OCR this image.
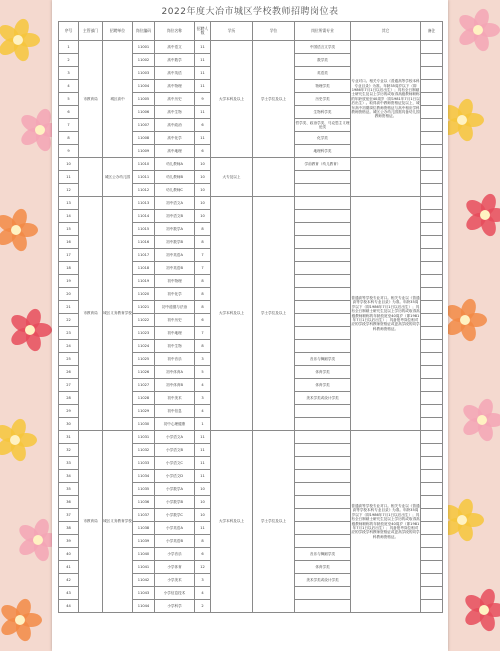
2022年度大冶市城区学校教师招聘岗位表
序号	主管部门	招聘单位	岗位编码	岗位名称	招聘人数	学历	学位	岗位所需专业	其它	备注
1	市教育局	城区高中	11001	高中语文	11	大学本科及以上	学士学位及以上	中国语言文学类	专业对口。相关专业以《普通高等学校本科专业目录》为准。年龄35周岁以下（即1986年7月1日以后出生）；具有全日制硕士研究生及以上学历的或取得高级教师职称的年龄放宽至40周岁（即1981年7月1日以后出生）。取得高中教师资格证及以上，城东高中初期岗位教师资格证与高中相应学科教师资格证。城区公办幼儿园需具备幼儿园教师资格证。	
2			11002	高中数学	11			数学类		
3			11003	高中英语	11			英语类		
4			11004	高中物理	11			物理学类		
5			11005	高中历史	9			历史学类		
6			11006	高中生物	11			生物科学类		
7			11007	高中政治	6			哲学类、政治学类、马克思主义理论类		
8			11008	高中化学	11			化学类		
9			11009	高中地理	6			地理科学类		
10		城区公办幼儿园	11010	幼儿教师A	10	大专及以上		学前教育（幼儿教育）		
11			11011	幼儿教师B	10					
12			11012	幼儿教师C	10					
13	市教育局	城区义务教育学校	11013	初中语文A	10	大学本科及以上	学士学位及以上		普通高等学校专业对口。相关专业以《普通高等学校本科专业目录》为准。年龄35周岁以下（即1986年7月1日以后出生）；具有全日制硕士研究生及以上学历的或取得高级教师职称的年龄放宽至40周岁（即1981年7月1日以后出生）；具备报考岗位相对应的学段学科教师资格证或更高学段的同学科教师资格证。	
14			11014	初中语文B	10					
15			11015	初中数学A	8					
16			11016	初中数学B	8					
17			11017	初中英语A	7					
18			11018	初中英语B	7					
19			11019	初中物理	8					
20			11020	初中化学	8					
21			11021	初中道德与法治	8					
22			11022	初中历史	6					
23			11023	初中地理	7					
24			11024	初中生物	8					
25			11025	初中音乐	3			音乐与舞蹈学类		
26			11026	初中体育A	5			体育学类		
27			11027	初中体育B	4			体育学类		
28			11028	初中美术	3			美术学类或设计学类		
29			11029	初中信息	4					
30			11030	初中心理健康	1					
31	市教育局	城区义务教育学校	11031	小学语文A	11	大学本科及以上	学士学位及以上		普通高等学校专业对口。相关专业以《普通高等学校本科专业目录》为准。年龄35周岁以下（即1986年7月1日以后出生）；具有全日制硕士研究生及以上学历的或取得高级教师职称的年龄放宽至40周岁（即1981年7月1日以后出生）；具备报考岗位相对应的学段学科教师资格证或更高学段的同学科教师资格证。	
32			11032	小学语文B	11					
33			11033	小学语文C	11					
34			11034	小学语文D	11					
35			11035	小学数学A	10					
36			11036	小学数学B	10					
37			11037	小学数学C	10					
38			11038	小学英语A	11					
39			11039	小学英语B	8					
40			11040	小学音乐	6			音乐与舞蹈学类		
41			11041	小学体育	12			体育学类		
42			11042	小学美术	3			美术学类或设计学类		
43			11043	小学信息技术	4					
44			11044	小学科学	2					
